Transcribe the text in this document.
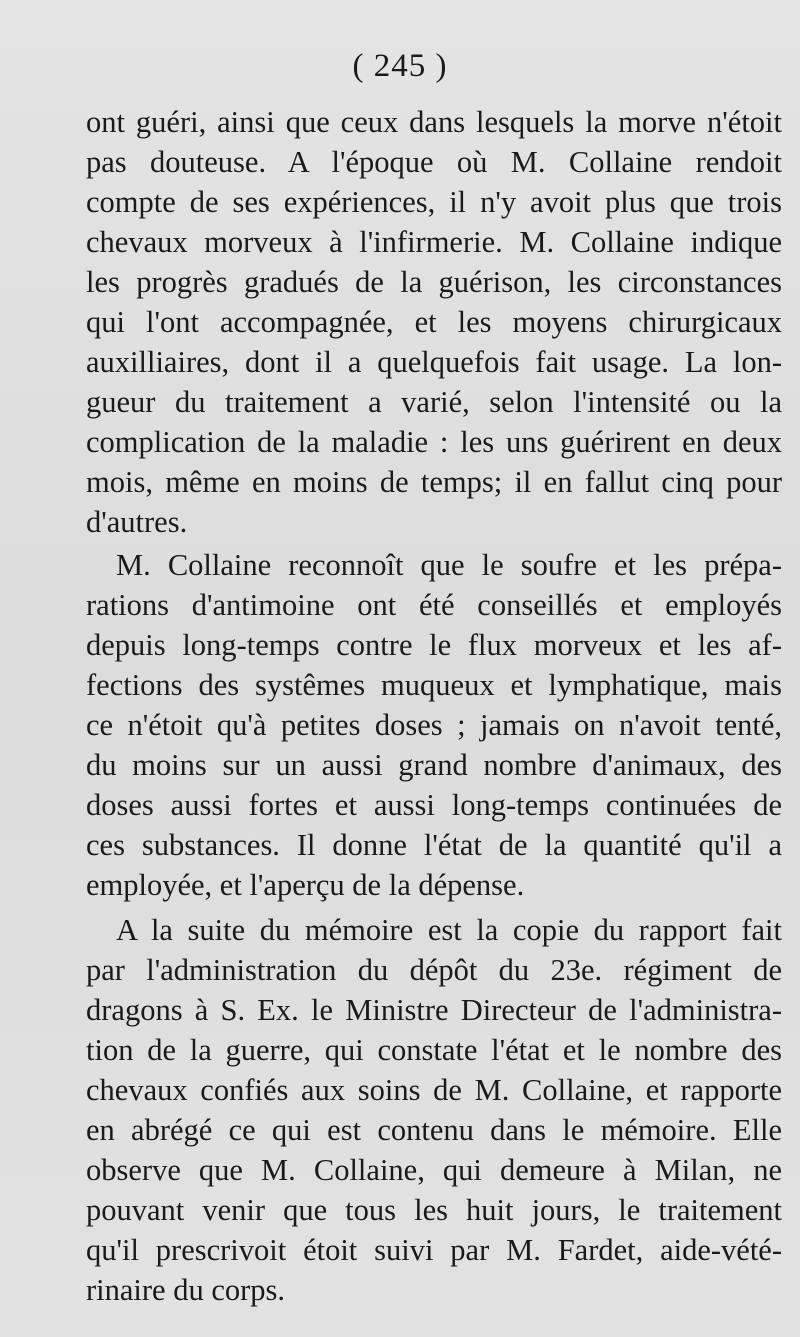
( 245 )
ont guéri, ainsi que ceux dans lesquels la morve n'étoit
pas douteuse. A l'époque où M. Collaine rendoit
compte de ses expériences, il n'y avoit plus que trois
chevaux morveux à l'infirmerie. M. Collaine indique
les progrès gradués de la guérison, les circonstances
qui l'ont accompagnée, et les moyens chirurgicaux
auxilliaires, dont il a quelquefois fait usage. La lon-
gueur du traitement a varié, selon l'intensité ou la
complication de la maladie : les uns guérirent en deux
mois, même en moins de temps; il en fallut cinq pour
d'autres.
M. Collaine reconnoît que le soufre et les prépa-
rations d'antimoine ont été conseillés et employés
depuis long-temps contre le flux morveux et les af-
fections des systêmes muqueux et lymphatique, mais
ce n'étoit qu'à petites doses ; jamais on n'avoit tenté,
du moins sur un aussi grand nombre d'animaux, des
doses aussi fortes et aussi long-temps continuées de
ces substances. Il donne l'état de la quantité qu'il a
employée, et l'aperçu de la dépense.
A la suite du mémoire est la copie du rapport fait
par l'administration du dépôt du 23e. régiment de
dragons à S. Ex. le Ministre Directeur de l'administra-
tion de la guerre, qui constate l'état et le nombre des
chevaux confiés aux soins de M. Collaine, et rapporte
en abrégé ce qui est contenu dans le mémoire. Elle
observe que M. Collaine, qui demeure à Milan, ne
pouvant venir que tous les huit jours, le traitement
qu'il prescrivoit étoit suivi par M. Fardet, aide-vété-
rinaire du corps.
